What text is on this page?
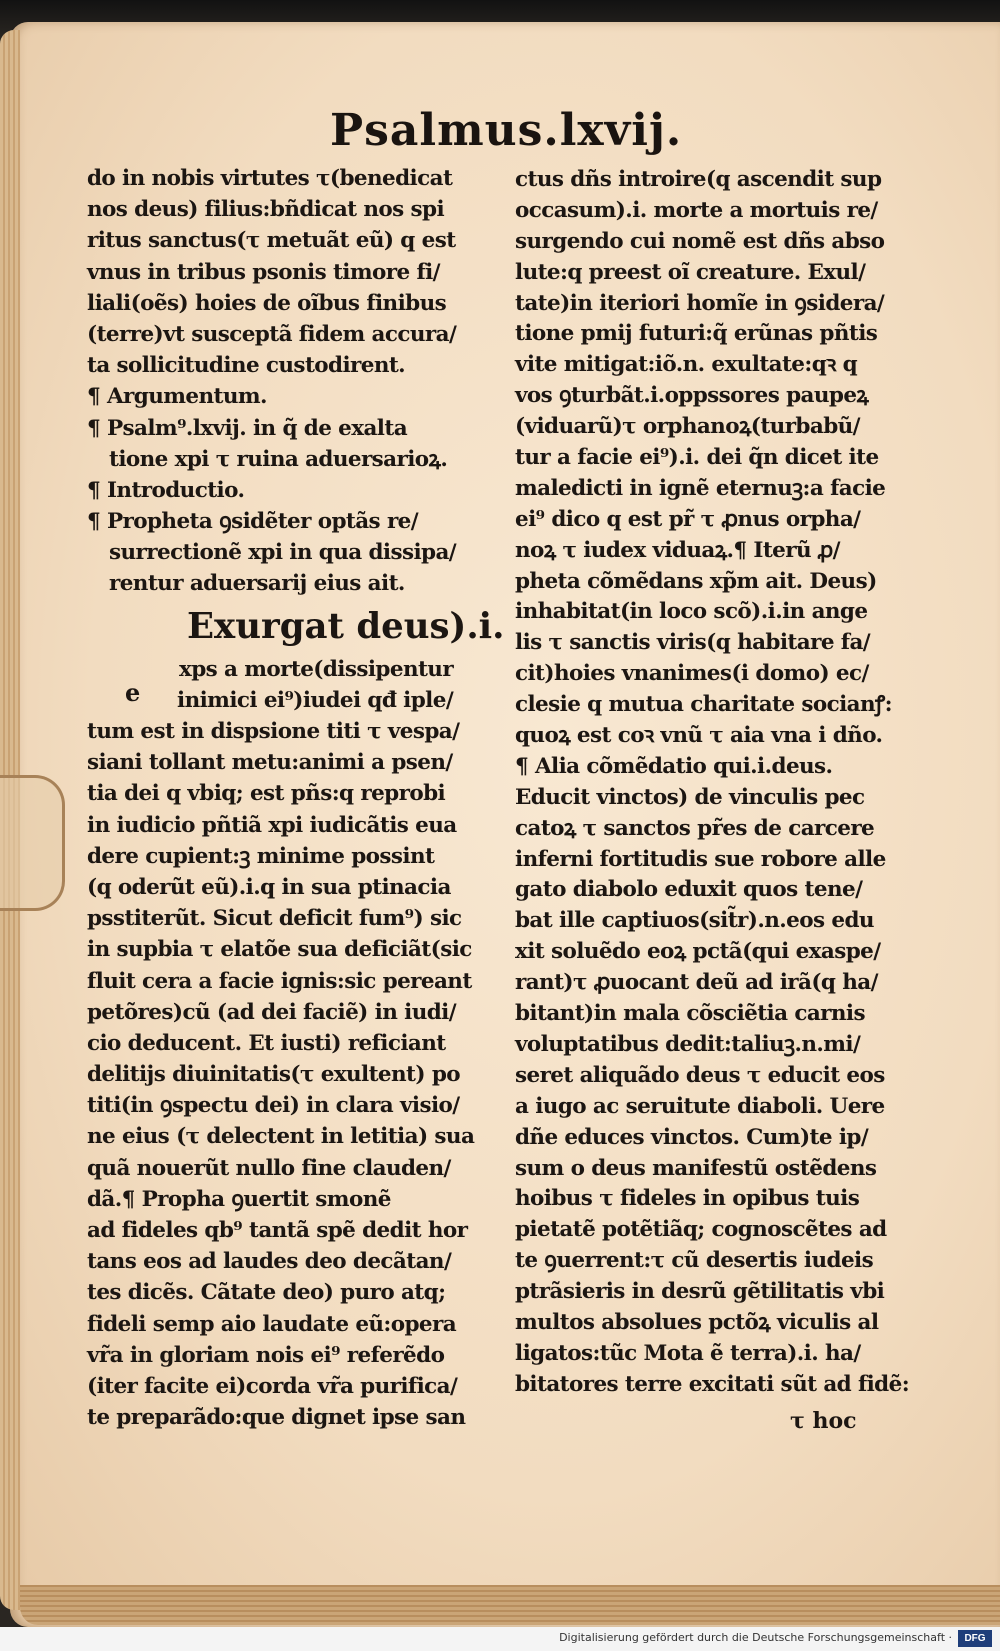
Psalmus.lxvij.
do in nobis virtutes τ(benedicat
nos deus) filius:bñdicat nos spi
ritus sanctus(τ metuãt eũ) q est
vnus in tribus psonis timore fi/
liali(oẽs) hoies de oĩbus finibus
(terre)vt susceptã fidem accura/
ta sollicitudine custodirent.
¶ Argumentum.
¶ Psalm⁹.lxvij. in q̃ de exalta
tione xpi τ ruina aduersarioꝝ.
¶ Introductio.
¶ Propheta ꝯsidẽter optãs re/
surrectionẽ xpi in qua dissipa/
rentur aduersarij eius ait.
Exurgat deus).i.
xps a morte(dissipentur
inimici ei⁹)iudei qđ iple/
tum est in dispsione titi τ vespa/
siani tollant metu:animi a psen/
tia dei q vbiq; est pñs:q reprobi
in iudicio pñtiã xpi iudicãtis eua
dere cupient:ꝫ minime possint
(q oderũt eũ).i.q in sua ptinacia
psstiterũt. Sicut deficit fum⁹) sic
in supbia τ elatõe sua deficiãt(sic
fluit cera a facie ignis:sic pereant
petõres)cũ (ad dei faciẽ) in iudi/
cio deducent. Et iusti) reficiant
delitijs diuinitatis(τ exultent) po
titi(in ꝯspectu dei) in clara visio/
ne eius (τ delectent in letitia) sua
quã nouerũt nullo fine clauden/
dã.¶ Propha ꝯuertit smonẽ
ad fideles qb⁹ tantã spẽ dedit hor
tans eos ad laudes deo decãtan/
tes dicẽs. Cãtate deo) puro atq;
fideli semp aio laudate eũ:opera
vr̃a in gloriam nois ei⁹ referẽdo
(iter facite ei)corda vr̃a purifica/
te preparãdo:que dignet ipse san
e
ctus dñs introire(q ascendit sup
occasum).i. morte a mortuis re/
surgendo cui nomẽ est dñs abso
lute:q preest oĩ creature. Exul/
tate)in iteriori homĩe in ꝯsidera/
tione pmij futuri:q̃ erũnas pñtis
vite mitigat:iõ.n. exultate:qꝛ q
vos ꝯturbãt.i.oppssores paupeꝝ
(viduarũ)τ orphanoꝝ(turbabũ/
tur a facie ei⁹).i. dei q̃n dicet ite
maledicti in ignẽ eternuꝫ:a facie
ei⁹ dico q est pr̃ τ ꝓnus orpha/
noꝝ τ iudex viduaꝝ.¶ Iterũ ꝓ/
pheta cõmẽdans xp̃m ait. Deus)
inhabitat(in loco scõ).i.in ange
lis τ sanctis viris(q habitare fa/
cit)hoies vnanimes(i domo) ec/
clesie q mutua charitate socianꝭ:
quoꝝ est coꝛ vnũ τ aia vna i dño.
¶ Alia cõmẽdatio qui.i.deus.
Educit vinctos) de vinculis pec
catoꝝ τ sanctos pr̃es de carcere
inferni fortitudis sue robore alle
gato diabolo eduxit quos tene/
bat ille captiuos(sit̃r).n.eos edu
xit soluẽdo eoꝝ pctã(qui exaspe/
rant)τ ꝓuocant deũ ad irã(q ha/
bitant)in mala cõsciẽtia carnis
voluptatibus dedit:taliuꝫ.n.mi/
seret aliquãdo deus τ educit eos
a iugo ac seruitute diaboli. Uere
dñe educes vinctos. Cum)te ip/
sum o deus manifestũ ostẽdens
hoibus τ fideles in opibus tuis
pietatẽ potẽtiãq; cognoscẽtes ad
te ꝯuerrent:τ cũ desertis iudeis
ptrãsieris in desrũ gẽtilitatis vbi
multos absolues pctõꝝ viculis al
ligatos:tũc Mota ẽ terra).i. ha/
bitatores terre excitati sũt ad fidẽ:
τ hoc
Digitalisierung gefördert durch die Deutsche Forschungsgemeinschaft ·	DFG
